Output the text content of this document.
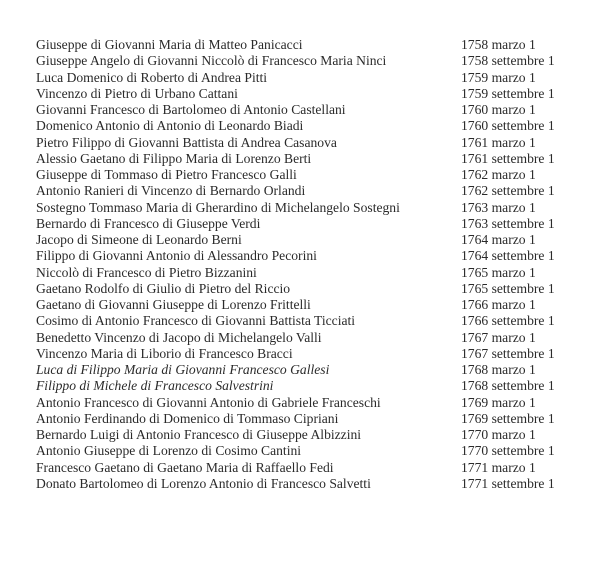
Giuseppe di Giovanni Maria di Matteo Panicacci	1758 marzo 1
Giuseppe Angelo di Giovanni Niccolò di Francesco Maria Ninci	1758 settembre 1
Luca Domenico di Roberto di Andrea Pitti	1759 marzo 1
Vincenzo di Pietro di Urbano Cattani	1759 settembre 1
Giovanni Francesco di Bartolomeo di Antonio Castellani	1760 marzo 1
Domenico Antonio di Antonio di Leonardo Biadi	1760 settembre 1
Pietro Filippo di Giovanni Battista di Andrea Casanova	1761 marzo 1
Alessio Gaetano di Filippo Maria di Lorenzo Berti	1761 settembre 1
Giuseppe di Tommaso di Pietro Francesco Galli	1762 marzo 1
Antonio Ranieri di Vincenzo di Bernardo Orlandi	1762 settembre 1
Sostegno Tommaso Maria di Gherardino di Michelangelo Sostegni	1763 marzo 1
Bernardo di Francesco di Giuseppe Verdi	1763 settembre 1
Jacopo di Simeone di Leonardo Berni	1764 marzo 1
Filippo di Giovanni Antonio di Alessandro Pecorini	1764 settembre 1
Niccolò di Francesco di Pietro Bizzanini	1765 marzo 1
Gaetano Rodolfo di Giulio di Pietro del Riccio	1765 settembre 1
Gaetano di Giovanni Giuseppe di Lorenzo Frittelli	1766 marzo 1
Cosimo di Antonio Francesco di Giovanni Battista Ticciati	1766 settembre 1
Benedetto Vincenzo di Jacopo di Michelangelo Valli	1767 marzo 1
Vincenzo Maria di Liborio di Francesco Bracci	1767 settembre 1
Luca di Filippo Maria di Giovanni Francesco Gallesi	1768 marzo 1
Filippo di Michele di Francesco Salvestrini	1768 settembre 1
Antonio Francesco di Giovanni Antonio di Gabriele Franceschi	1769 marzo 1
Antonio Ferdinando di Domenico di Tommaso Cipriani	1769 settembre 1
Bernardo Luigi di Antonio Francesco di Giuseppe Albizzini	1770 marzo 1
Antonio Giuseppe di Lorenzo di Cosimo Cantini	1770 settembre 1
Francesco Gaetano di Gaetano Maria di Raffaello Fedi	1771 marzo 1
Donato Bartolomeo di Lorenzo Antonio di Francesco Salvetti	1771 settembre 1
